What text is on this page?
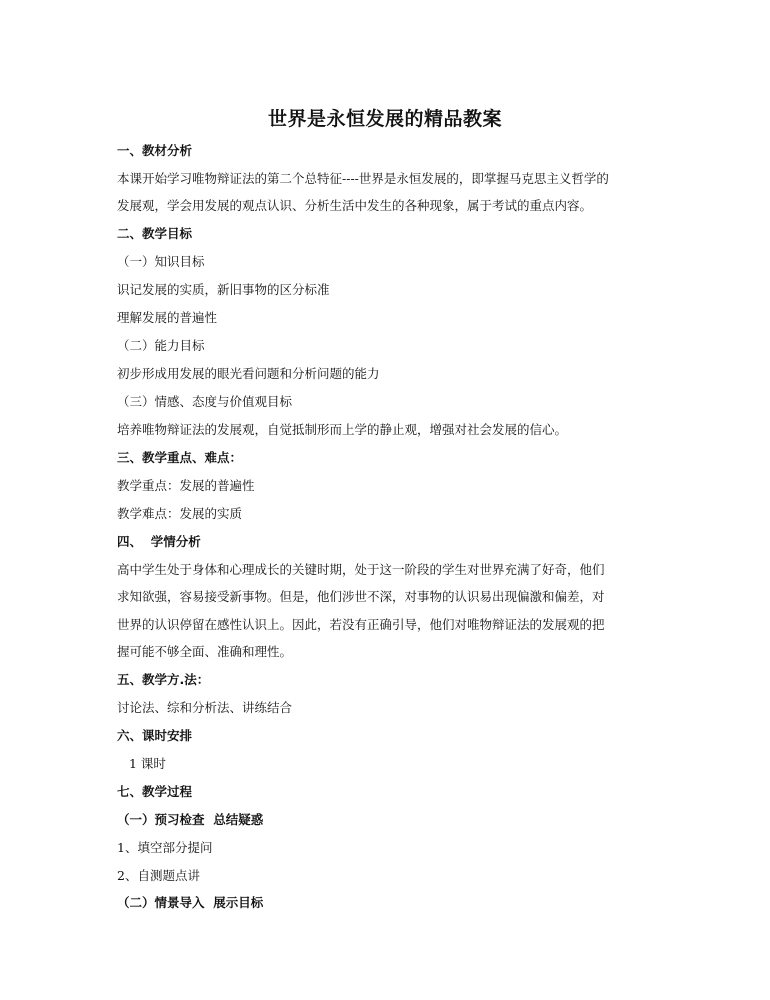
世界是永恒发展的精品教案
一、教材分析
本课开始学习唯物辩证法的第二个总特征----世界是永恒发展的，即掌握马克思主义哲学的
发展观，学会用发展的观点认识、分析生活中发生的各种现象，属于考试的重点内容。
二、教学目标
（一）知识目标
识记发展的实质，新旧事物的区分标准
理解发展的普遍性
（二）能力目标
初步形成用发展的眼光看问题和分析问题的能力
（三）情感、态度与价值观目标
培养唯物辩证法的发展观，自觉抵制形而上学的静止观，增强对社会发展的信心。
三、教学重点、难点：
教学重点：发展的普遍性
教学难点：发展的实质
四、  学情分析
高中学生处于身体和心理成长的关键时期，处于这一阶段的学生对世界充满了好奇，他们
求知欲强，容易接受新事物。但是，他们涉世不深，对事物的认识易出现偏激和偏差，对
世界的认识停留在感性认识上。因此，若没有正确引导，他们对唯物辩证法的发展观的把
握可能不够全面、准确和理性。
五、教学方.法：
讨论法、综和分析法、讲练结合
六、课时安排
1 课时
七、教学过程
（一）预习检查  总结疑惑
1、填空部分提问
2、自测题点讲
（二）情景导入  展示目标
